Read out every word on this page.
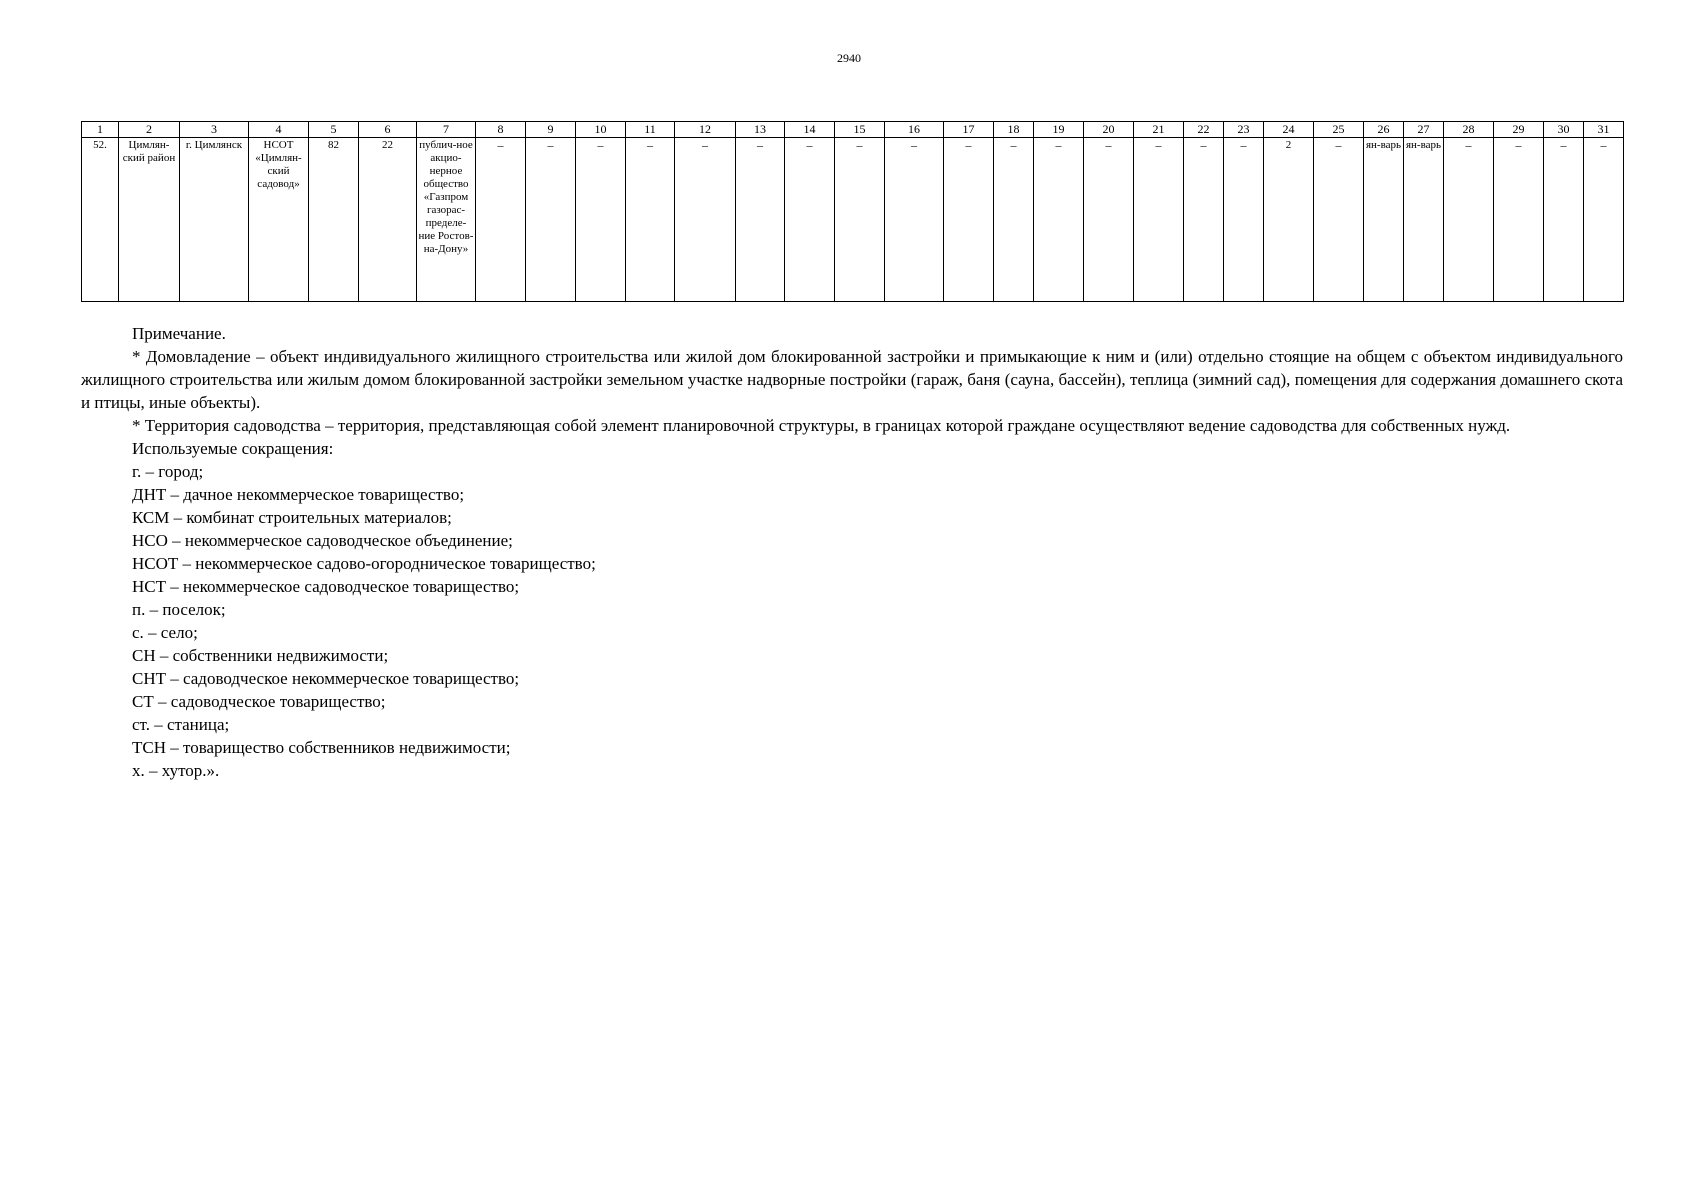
2940
1	2	3	4	5	6	7	8	9	10	11	12	13	14	15	16	17	18	19	20	21	22	23	24	25	26	27	28	29	30	31
52.	Цимлян-ский район	г. Цимлянск	НСОТ «Цимлян-ский садовод»	82	22	публич-ное акцио-нерное общество «Газпром газорас-пределе-ние Ростов-на-Дону»	–	–	–	–	–	–	–	–	–	–	–	–	–	–	–	–	2	–	ян-варь	ян-варь	–	–	–	–
Примечание.

* Домовладение – объект индивидуального жилищного строительства или жилой дом блокированной застройки и примыкающие к ним и (или) отдельно стоящие на общем с объектом индивидуального жилищного строительства или жилым домом блокированной застройки земельном участке надворные постройки (гараж, баня (сауна, бассейн), теплица (зимний сад), помещения для содержания домашнего скота и птицы, иные объекты).

* Территория садоводства – территория, представляющая собой элемент планировочной структуры, в границах которой граждане осуществляют ведение садоводства для собственных нужд.

Используемые сокращения:
г. – город;
ДНТ – дачное некоммерческое товарищество;
КСМ – комбинат строительных материалов;
НСО – некоммерческое садоводческое объединение;
НСОТ – некоммерческое садово-огородническое товарищество;
НСТ – некоммерческое садоводческое товарищество;
п. – поселок;
с. – село;
СН – собственники недвижимости;
СНТ – садоводческое некоммерческое товарищество;
СТ – садоводческое товарищество;
ст. – станица;
ТСН – товарищество собственников недвижимости;
х. – хутор.».
